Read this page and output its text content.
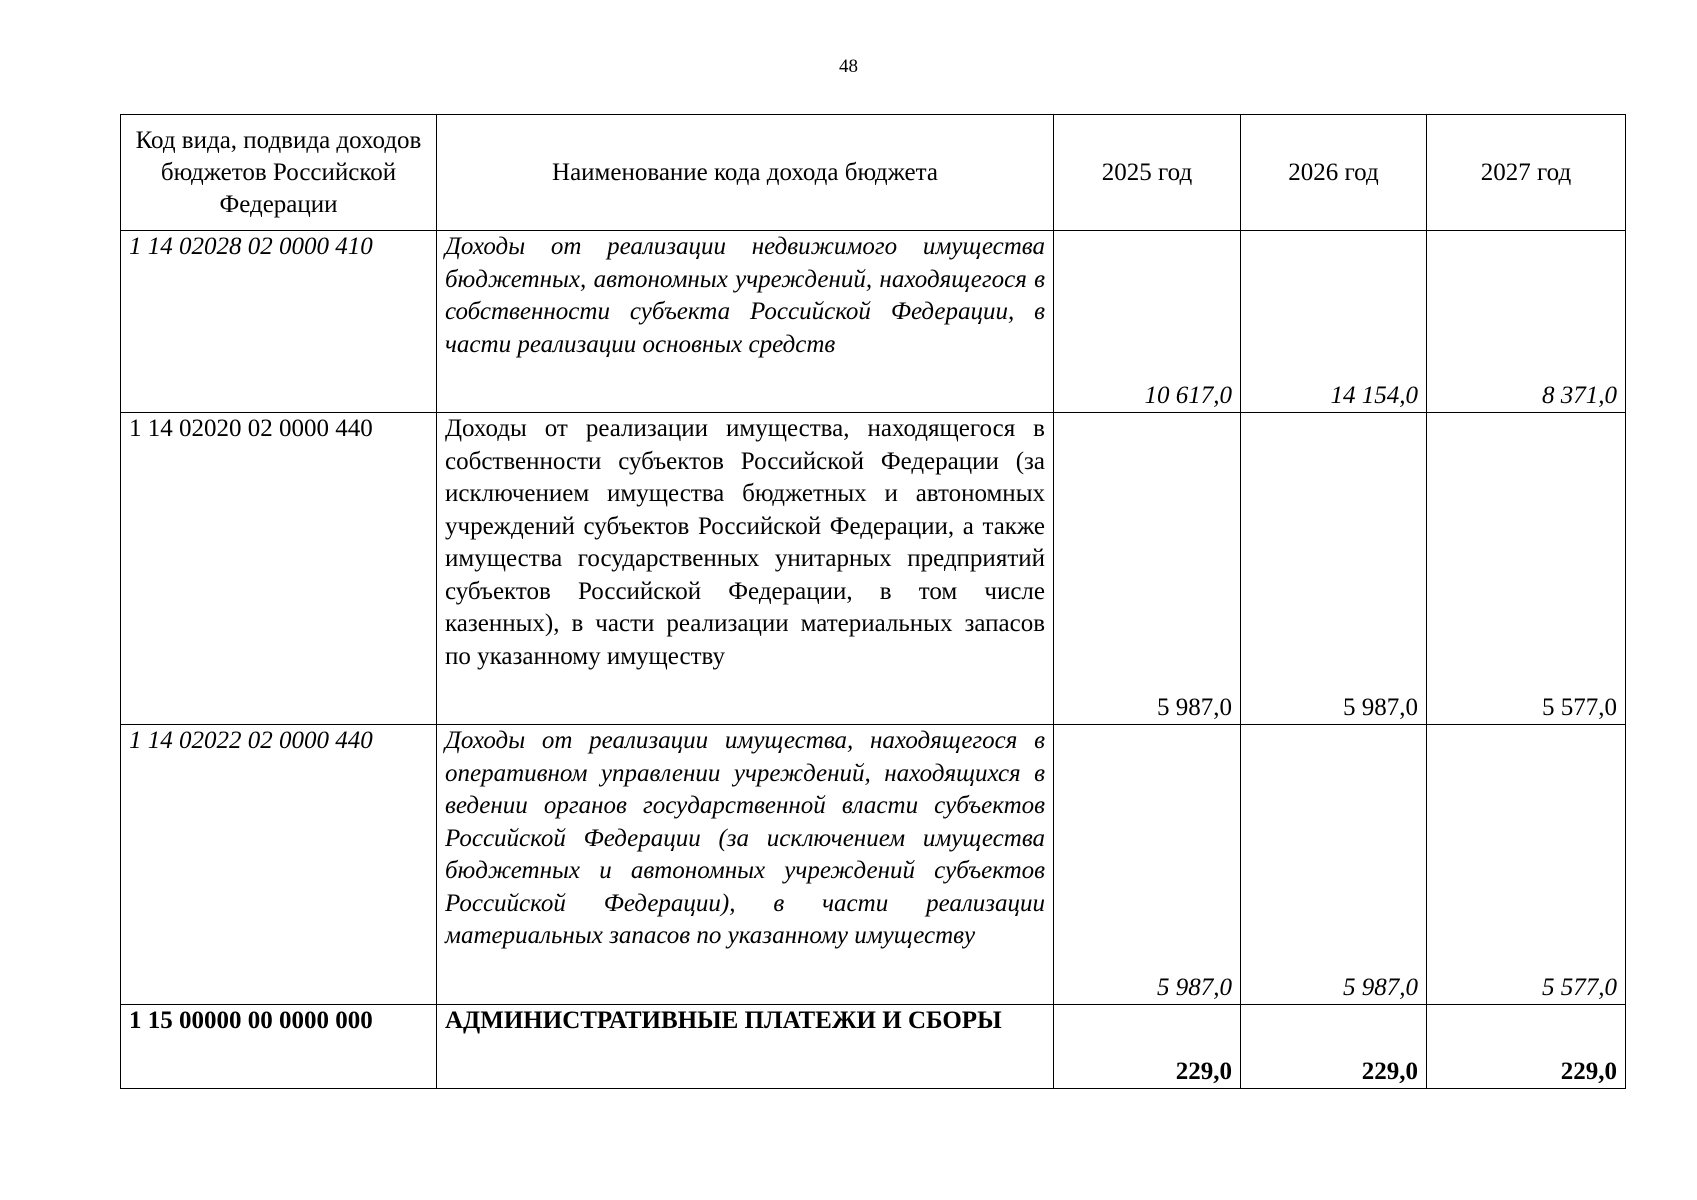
48
Код вида, подвида доходов бюджетов Российской Федерации	Наименование кода дохода бюджета	2025 год	2026 год	2027 год
1 14 02028 02 0000 410	Доходы от реализации недвижимого имущества бюджетных, автономных учреждений, находящегося в собственности субъекта Российской Федерации, в части реализации основных средств	10 617,0	14 154,0	8 371,0
1 14 02020 02 0000 440	Доходы от реализации имущества, находящегося в собственности субъектов Российской Федерации (за исключением имущества бюджетных и автономных учреждений субъектов Российской Федерации, а также имущества государственных унитарных предприятий субъектов Российской Федерации, в том числе казенных), в части реализации материальных запасов по указанному имуществу	5 987,0	5 987,0	5 577,0
1 14 02022 02 0000 440	Доходы от реализации имущества, находящегося в оперативном управлении учреждений, находящихся в ведении органов государственной власти субъектов Российской Федерации (за исключением имущества бюджетных и автономных учреждений субъектов Российской Федерации), в части реализации материальных запасов по указанному имуществу	5 987,0	5 987,0	5 577,0
1 15 00000 00 0000 000	АДМИНИСТРАТИВНЫЕ ПЛАТЕЖИ И СБОРЫ	229,0	229,0	229,0
